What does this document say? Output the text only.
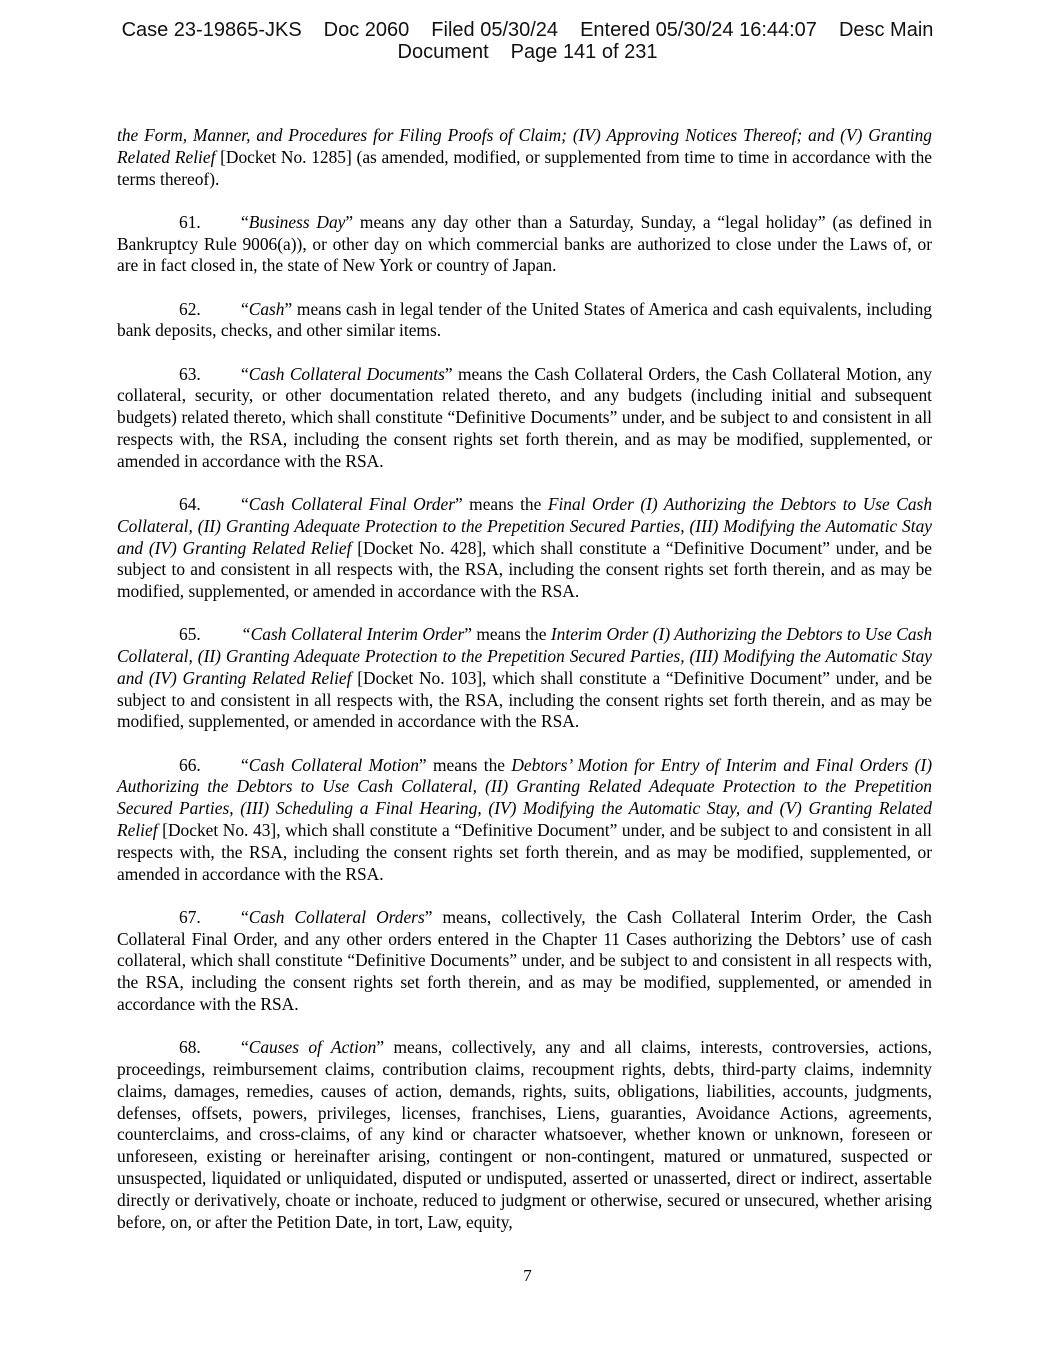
Case 23-19865-JKS Doc 2060 Filed 05/30/24 Entered 05/30/24 16:44:07 Desc Main
Document Page 141 of 231

the Form, Manner, and Procedures for Filing Proofs of Claim; (IV) Approving Notices Thereof; and (V) Granting Related Relief [Docket No. 1285] (as amended, modified, or supplemented from time to time in accordance with the terms thereof).

61. “Business Day” means any day other than a Saturday, Sunday, a “legal holiday” (as defined in Bankruptcy Rule 9006(a)), or other day on which commercial banks are authorized to close under the Laws of, or are in fact closed in, the state of New York or country of Japan.

62. “Cash” means cash in legal tender of the United States of America and cash equivalents, including bank deposits, checks, and other similar items.

63. “Cash Collateral Documents” means the Cash Collateral Orders, the Cash Collateral Motion, any collateral, security, or other documentation related thereto, and any budgets (including initial and subsequent budgets) related thereto, which shall constitute “Definitive Documents” under, and be subject to and consistent in all respects with, the RSA, including the consent rights set forth therein, and as may be modified, supplemented, or amended in accordance with the RSA.

64. “Cash Collateral Final Order” means the Final Order (I) Authorizing the Debtors to Use Cash Collateral, (II) Granting Adequate Protection to the Prepetition Secured Parties, (III) Modifying the Automatic Stay and (IV) Granting Related Relief [Docket No. 428], which shall constitute a “Definitive Document” under, and be subject to and consistent in all respects with, the RSA, including the consent rights set forth therein, and as may be modified, supplemented, or amended in accordance with the RSA.

65. “Cash Collateral Interim Order” means the Interim Order (I) Authorizing the Debtors to Use Cash Collateral, (II) Granting Adequate Protection to the Prepetition Secured Parties, (III) Modifying the Automatic Stay and (IV) Granting Related Relief [Docket No. 103], which shall constitute a “Definitive Document” under, and be subject to and consistent in all respects with, the RSA, including the consent rights set forth therein, and as may be modified, supplemented, or amended in accordance with the RSA.

66. “Cash Collateral Motion” means the Debtors’ Motion for Entry of Interim and Final Orders (I) Authorizing the Debtors to Use Cash Collateral, (II) Granting Related Adequate Protection to the Prepetition Secured Parties, (III) Scheduling a Final Hearing, (IV) Modifying the Automatic Stay, and (V) Granting Related Relief [Docket No. 43], which shall constitute a “Definitive Document” under, and be subject to and consistent in all respects with, the RSA, including the consent rights set forth therein, and as may be modified, supplemented, or amended in accordance with the RSA.

67. “Cash Collateral Orders” means, collectively, the Cash Collateral Interim Order, the Cash Collateral Final Order, and any other orders entered in the Chapter 11 Cases authorizing the Debtors’ use of cash collateral, which shall constitute “Definitive Documents” under, and be subject to and consistent in all respects with, the RSA, including the consent rights set forth therein, and as may be modified, supplemented, or amended in accordance with the RSA.

68. “Causes of Action” means, collectively, any and all claims, interests, controversies, actions, proceedings, reimbursement claims, contribution claims, recoupment rights, debts, third-party claims, indemnity claims, damages, remedies, causes of action, demands, rights, suits, obligations, liabilities, accounts, judgments, defenses, offsets, powers, privileges, licenses, franchises, Liens, guaranties, Avoidance Actions, agreements, counterclaims, and cross-claims, of any kind or character whatsoever, whether known or unknown, foreseen or unforeseen, existing or hereinafter arising, contingent or non-contingent, matured or unmatured, suspected or unsuspected, liquidated or unliquidated, disputed or undisputed, asserted or unasserted, direct or indirect, assertable directly or derivatively, choate or inchoate, reduced to judgment or otherwise, secured or unsecured, whether arising before, on, or after the Petition Date, in tort, Law, equity,

7
